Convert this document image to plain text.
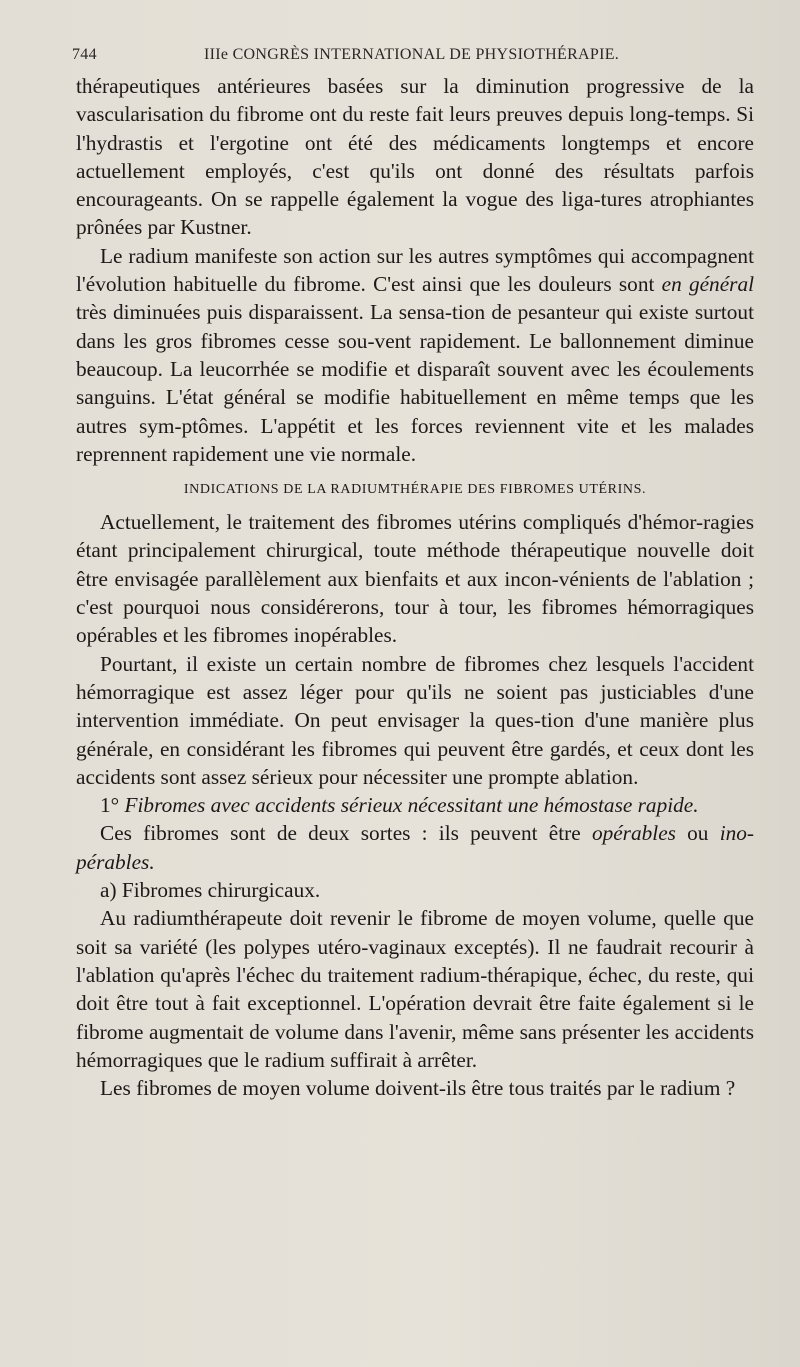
744	IIIe CONGRÈS INTERNATIONAL DE PHYSIOTHÉRAPIE.

thérapeutiques antérieures basées sur la diminution progressive de la vascularisation du fibrome ont du reste fait leurs preuves depuis long-temps. Si l'hydrastis et l'ergotine ont été des médicaments longtemps et encore actuellement employés, c'est qu'ils ont donné des résultats parfois encourageants. On se rappelle également la vogue des liga-tures atrophiantes prônées par Kustner.

Le radium manifeste son action sur les autres symptômes qui accompagnent l'évolution habituelle du fibrome. C'est ainsi que les douleurs sont en général très diminuées puis disparaissent. La sensa-tion de pesanteur qui existe surtout dans les gros fibromes cesse sou-vent rapidement. Le ballonnement diminue beaucoup. La leucorrhée se modifie et disparaît souvent avec les écoulements sanguins. L'état général se modifie habituellement en même temps que les autres sym-ptômes. L'appétit et les forces reviennent vite et les malades reprennent rapidement une vie normale.

INDICATIONS DE LA RADIUMTHÉRAPIE DES FIBROMES UTÉRINS.

Actuellement, le traitement des fibromes utérins compliqués d'hémor-ragies étant principalement chirurgical, toute méthode thérapeutique nouvelle doit être envisagée parallèlement aux bienfaits et aux incon-vénients de l'ablation ; c'est pourquoi nous considérerons, tour à tour, les fibromes hémorragiques opérables et les fibromes inopérables.

Pourtant, il existe un certain nombre de fibromes chez lesquels l'accident hémorragique est assez léger pour qu'ils ne soient pas justiciables d'une intervention immédiate. On peut envisager la ques-tion d'une manière plus générale, en considérant les fibromes qui peuvent être gardés, et ceux dont les accidents sont assez sérieux pour nécessiter une prompte ablation.

1° Fibromes avec accidents sérieux nécessitant une hémostase rapide.

Ces fibromes sont de deux sortes : ils peuvent être opérables ou ino-pérables.

a) Fibromes chirurgicaux.

Au radiumthérapeute doit revenir le fibrome de moyen volume, quelle que soit sa variété (les polypes utéro-vaginaux exceptés). Il ne faudrait recourir à l'ablation qu'après l'échec du traitement radium-thérapique, échec, du reste, qui doit être tout à fait exceptionnel. L'opération devrait être faite également si le fibrome augmentait de volume dans l'avenir, même sans présenter les accidents hémorragiques que le radium suffirait à arrêter.

Les fibromes de moyen volume doivent-ils être tous traités par le radium ?
